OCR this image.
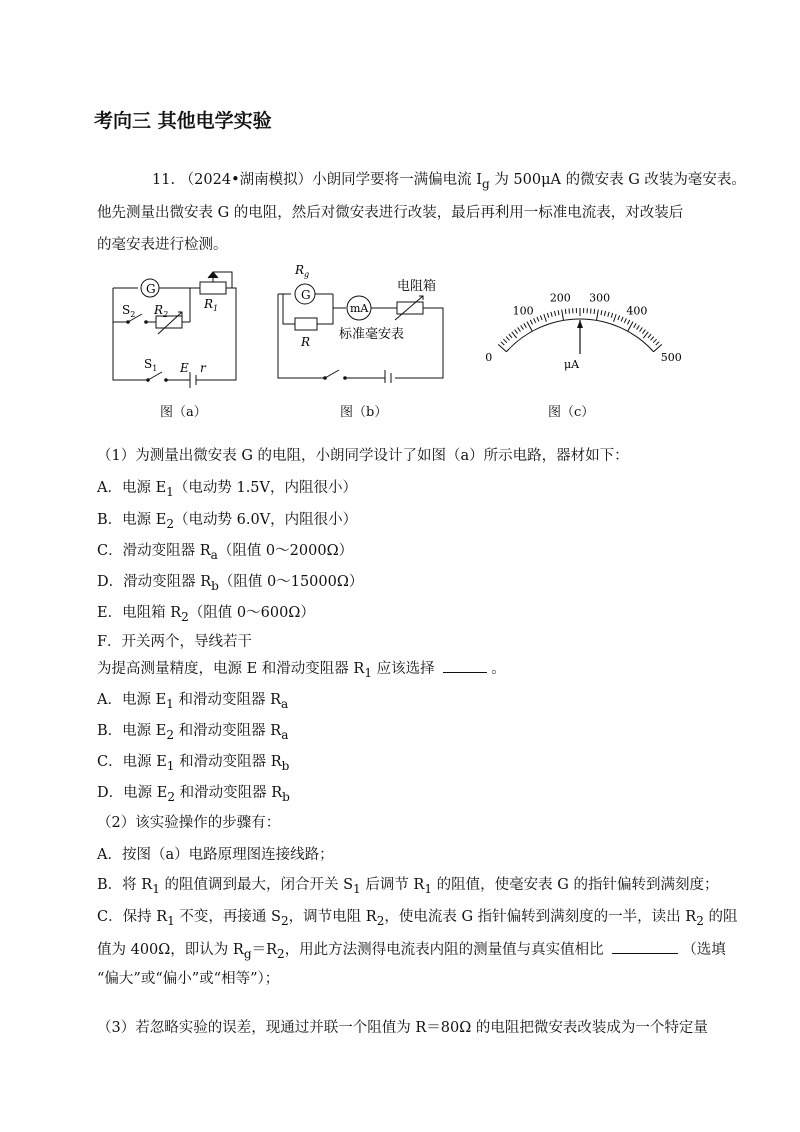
考向三 其他电学实验
11. （2024•湖南模拟）小朗同学要将一满偏电流 $I_g$ 为 500μA 的微安表 G 改装为毫安表。
他先测量出微安表 G 的电阻，然后对微安表进行改装，最后再利用一标准电流表，对改装后
的毫安表进行检测。
G
$R_1$
$S_2$ $R_2$
$S_1$ E r
图（a）
$R_g$
G
mA
电阻箱
R 标准毫安表
图（b）
0
100
200 300
400
500
μA
图（c）
（1）为测量出微安表 G 的电阻，小朗同学设计了如图（a）所示电路，器材如下：
A．电源 $E_1$（电动势 1.5V，内阻很小）
B．电源 $E_2$（电动势 6.0V，内阻很小）
C．滑动变阻器 $R_a$（阻值 0～2000Ω）
D．滑动变阻器 $R_b$（阻值 0～15000Ω）
E．电阻箱 $R_2$（阻值 0～600Ω）
F．开关两个，导线若干
为提高测量精度，电源 E 和滑动变阻器 $R_1$ 应该选择	。
A．电源 $E_1$ 和滑动变阻器 $R_a$
B．电源 $E_2$ 和滑动变阻器 $R_a$
C．电源 $E_1$ 和滑动变阻器 $R_b$
D．电源 $E_2$ 和滑动变阻器 $R_b$
（2）该实验操作的步骤有：
A．按图（a）电路原理图连接线路；
B．将 $R_1$ 的阻值调到最大，闭合开关 $S_1$ 后调节 $R_1$ 的阻值，使毫安表 G 的指针偏转到满刻度；
C．保持 $R_1$ 不变，再接通 $S_2$，调节电阻 $R_2$，使电流表 G 指针偏转到满刻度的一半，读出 $R_2$ 的阻
值为 400Ω，即认为 $R_g=R_2$，用此方法测得电流表内阻的测量值与真实值相比	（选填
“偏大”或“偏小”或“相等”）；
（3）若忽略实验的误差，现通过并联一个阻值为 R＝80Ω 的电阻把微安表改装成为一个特定量
